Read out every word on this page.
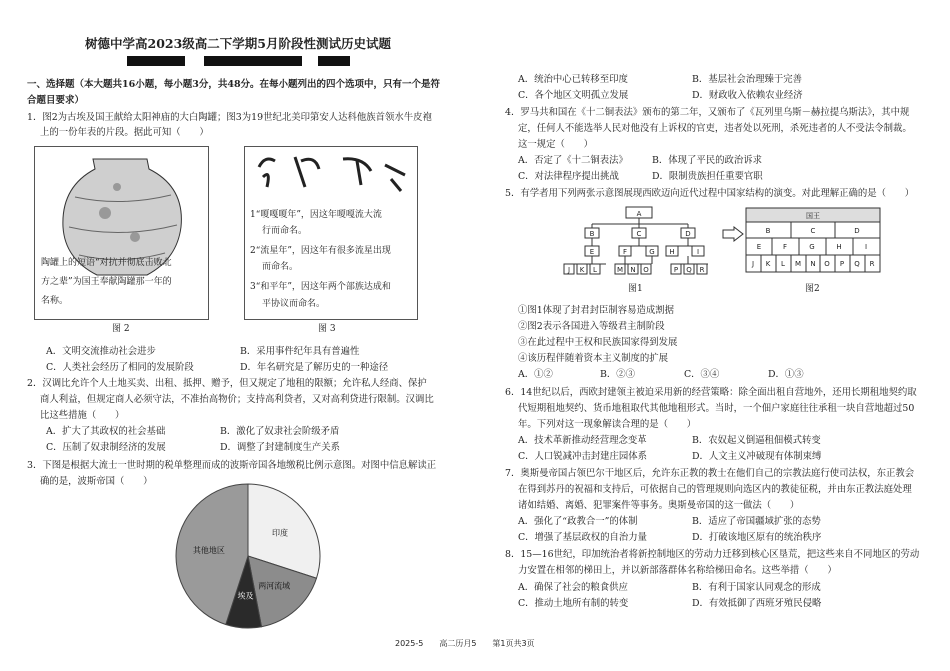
树德中学高2023级高二下学期5月阶段性测试历史试题
一、选择题（本大题共16小题，每小题3分，共48分。在每小题列出的四个选项中，只有一个是符
合题目要求）
1．图2为古埃及国王献给太阳神庙的大白陶罐；图3为19世纪北美印第安人达科他族首领水牛皮袍
上的一份年表的片段。据此可知（　　）
陶罐上的短语“对抗并彻底击败北
方之辈”为国王奉献陶罐那一年的
名称。
1“嗄嘎嗄年”，因这年嗄嘎流大流
行而命名。
2“流星年”，因这年有很多流星出现
而命名。
3“和平年”，因这年两个部族达成和
平协议而命名。
图 2	图 3
A．文明交流推动社会进步	B．采用事件纪年具有普遍性
C．人类社会经历了相同的发展阶段	D．年名研究是了解历史的一种途径
2．汉调比允许个人土地买卖、出租、抵押、赠予，但又规定了地租的限额；允许私人经商、保护
商人利益，但规定商人必须守法，不准抬高物价；支持高利贷者，又对高利贷进行限制。汉调比
比这些措施（　　）
A．扩大了其政权的社会基础	B．激化了奴隶社会阶级矛盾
C．压制了奴隶制经济的发展	D．调整了封建制度生产关系
3．下图是根据大流士一世时期的税单整理而成的波斯帝国各地缴税比例示意图。对图中信息解读正
确的是，波斯帝国（　　）
印度
两河流域
埃及
其他地区
A．统治中心已转移至印度	B．基层社会治理臻于完善
C．各个地区文明孤立发展	D．财政收入依赖农业经济
4．罗马共和国在《十二铜表法》颁布的第二年，又颁布了《瓦列里乌斯－赫拉提乌斯法》，其中规
定，任何人不能选举人民对他没有上诉权的官吏，违者处以死刑，杀死违者的人不受法令制裁。
这一规定（　　）
A．否定了《十二铜表法》	B．体现了平民的政治诉求
C．对法律程序提出挑战	D．限制贵族担任重要官职
5．有学者用下列两张示意图展现西欧迈向近代过程中国家结构的演变。对此理解正确的是（　　）
A
B	C	D
E	F	G H	I
J K L	M N O	P Q R
国王
B	C	D
E	F	G	H	I
J K L M N O P Q R
图1	图2
①图1体现了封君封臣制容易造成割据
②图2表示各国进入等级君主制阶段
③在此过程中王权和民族国家得到发展
④该历程伴随着资本主义制度的扩展
A．①②	B．②③	C．③④	D．①③
6．14世纪以后，西欧封建领主被迫采用新的经营策略：除全面出租自营地外，还用长期租地契约取
代短期租地契约、货币地租取代其他地租形式。当时，一个佃户家庭往往承租一块自营地超过50
年。下列对这一现象解读合理的是（　　）
A．技术革新推动经营理念变革	B．农奴起义倒逼租佃模式转变
C．人口锐减冲击封建庄园体系	D．人文主义冲破现有体制束缚
7．奥斯曼帝国占领巴尔干地区后，允许东正教的教士在他们自己的宗教法庭行使司法权，东正教会
在得到苏丹的祝福和支持后，可依据自己的管理规则向选区内的教徒征税，并由东正教法庭处理
诸如结婚、离婚、犯罪案件等事务。奥斯曼帝国的这一做法（　　）
A．强化了“政教合一”的体制	B．适应了帝国疆域扩张的态势
C．增强了基层政权的自治力量	D．打破该地区原有的统治秩序
8．15—16世纪，印加统治者将新控制地区的劳动力迁移到核心区垦荒，把这些来自不同地区的劳动
力安置在相邻的梯田上，并以新部落群体名称给梯田命名。这些举措（　　）
A．确保了社会的粮食供应	B．有利于国家认同观念的形成
C．推动土地所有制的转变	D．有效抵御了西班牙殖民侵略
2025-5　　高二历月5　　第1页共3页
